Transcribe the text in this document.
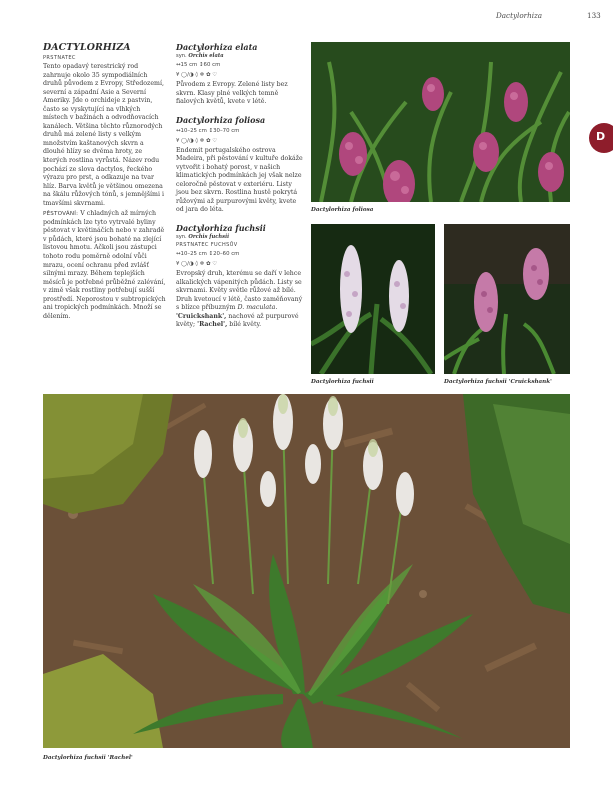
Dactylorhiza	133
D
DACTYLORHIZA
PRSTNATEC

Tento opadavý terestrický rod zahrnuje okolo 35 sympodiálních druhů původem z Evropy, Středozemí, severní a západní Asie a Severní Ameriky. Jde o orchideje z pastvin, často se vyskytující na vlhkých místech v bažinách a odvodňovacích kanálech. Většina těchto různorodých druhů má zelené listy s velkým množstvím kaštanových skvrn a dlouhé hlízy se dvěma hroty, ze kterých rostlina vyrůstá. Název rodu pochází ze slova dactylos, řeckého výrazu pro prst, a odkazuje na tvar hlíz. Barva květů je většinou omezena na škálu růžových tónů, s jemnějšími i tmavšími skvrnami.

PĚSTOVÁNÍ: V chladných až mírných podmínkách lze tyto vytrvalé byliny pěstovat v květináčích nebo v zahradě v půdách, které jsou bohaté na zlející listovou hmotu. Ačkoli jsou zástupci tohoto rodu poměrně odolní vůči mrazu, ocení ochranu před zvlášť silnými mrazy. Během teplejších měsíců je potřebné průběžné zalévání, v zimě však rostliny potřebují sušší prostředí. Neporostou v subtropických ani tropických podmínkách. Množí se dělením.

Dactylorhiza elata
syn. Orchis elata
↔15 cm ↕60 cm
¥ ◯/◑ ◊ ❄ ✿ ♡

Původem z Evropy. Zelené listy bez skvrn. Klasy plné velkých temně fialových květů, kvete v létě.

Dactylorhiza foliosa
↔10–25 cm ↕30–70 cm
¥ ◯/◑ ◊ ❄ ✿ ♡

Endemit portugalského ostrova Madeira, při pěstování v kultuře dokáže vytvořit i bohatý porost, v našich klimatických podmínkách jej však nelze celoročně pěstovat v exteriéru. Listy jsou bez skvrn. Rostlina hustě pokrytá růžovými až purpurovými květy, kvete od jara do léta.

Dactylorhiza fuchsii
syn. Orchis fuchsii
PRSTNATEC FUCHSŮV
↔10–25 cm ↕20–60 cm
¥ ◯/◑ ◊ ❄ ✿ ♡

Evropský druh, kterému se daří v lehce alkalických vápenitých půdách. Listy se skvrnami. Květy světle růžové až bílé. Druh kvetoucí v létě, často zaměňovaný s blízce příbuzným D. maculata. 'Cruickshank', nachové až purpurové květy; 'Rachel', bílé květy.

Dactylorhiza foliosa
Dactylorhiza fuchsii	Dactylorhiza fuchsii 'Cruickshank'
Dactylorhiza fuchsii 'Rachel'
